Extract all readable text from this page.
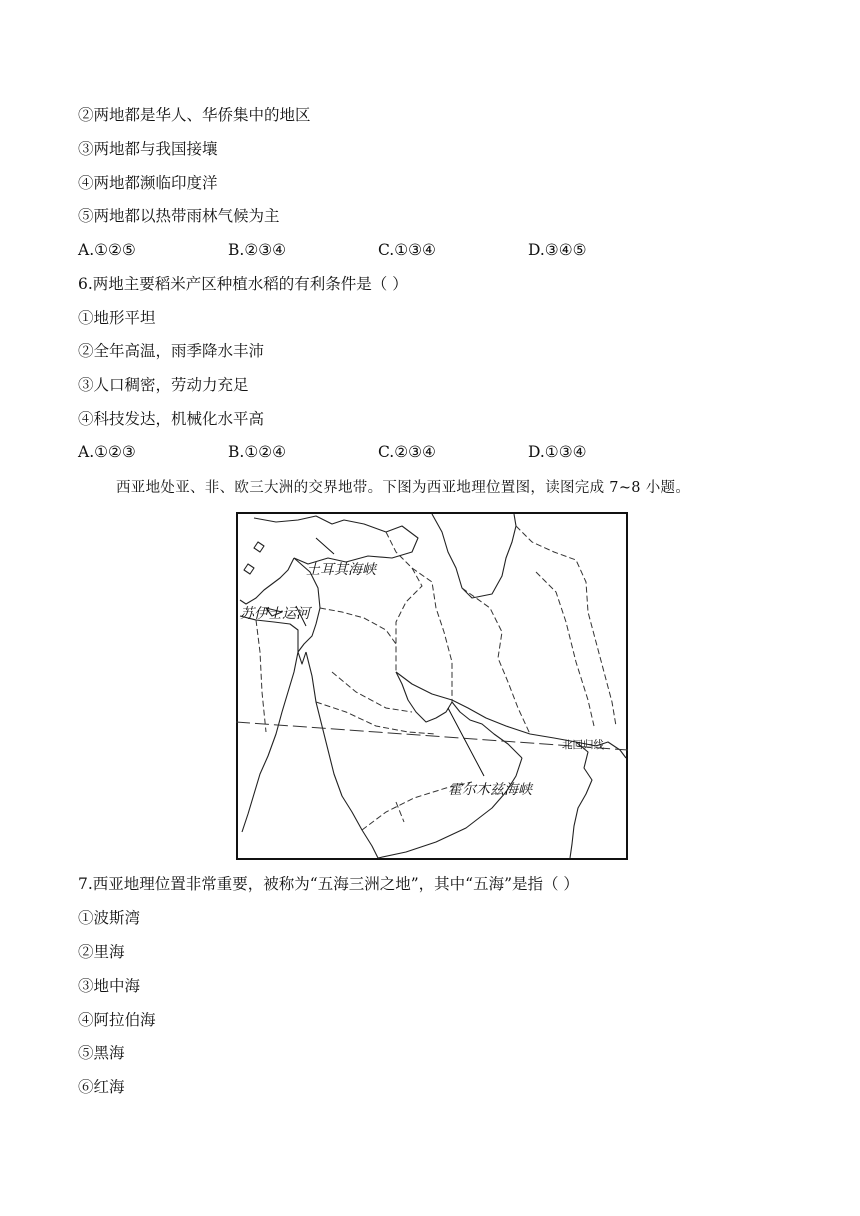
②两地都是华人、华侨集中的地区
③两地都与我国接壤
④两地都濒临印度洋
⑤两地都以热带雨林气候为主
A.①②⑤	B.②③④	C.①③④	D.③④⑤
6.两地主要稻米产区种植水稻的有利条件是（ ）
①地形平坦
②全年高温，雨季降水丰沛
③人口稠密，劳动力充足
④科技发达，机械化水平高
A.①②③	B.①②④	C.②③④	D.①③④
西亚地处亚、非、欧三大洲的交界地带。下图为西亚地理位置图，读图完成 7~8 小题。
土耳其海峡
苏伊士运河
北回归线
霍尔木兹海峡
7.西亚地理位置非常重要，被称为“五海三洲之地”，其中“五海”是指（ ）
①波斯湾
②里海
③地中海
④阿拉伯海
⑤黑海
⑥红海
